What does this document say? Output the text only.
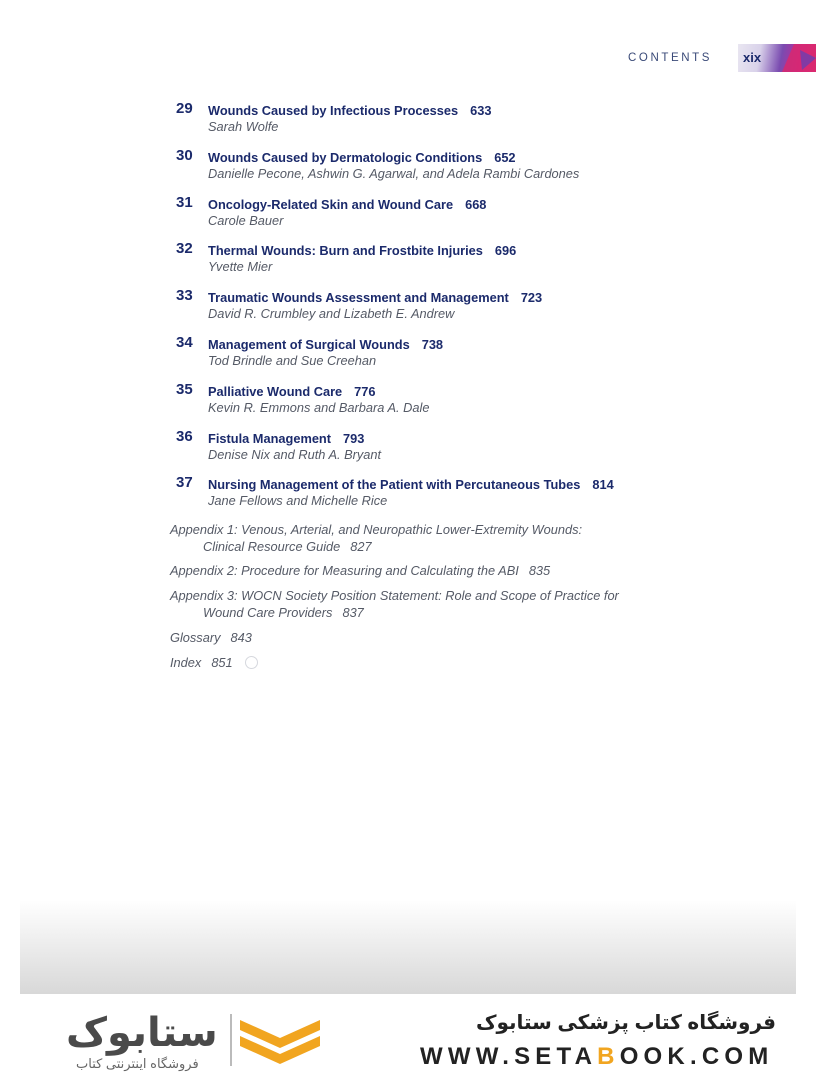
CONTENTS xix
29 Wounds Caused by Infectious Processes 633
Sarah Wolfe
30 Wounds Caused by Dermatologic Conditions 652
Danielle Pecone, Ashwin G. Agarwal, and Adela Rambi Cardones
31 Oncology-Related Skin and Wound Care 668
Carole Bauer
32 Thermal Wounds: Burn and Frostbite Injuries 696
Yvette Mier
33 Traumatic Wounds Assessment and Management 723
David R. Crumbley and Lizabeth E. Andrew
34 Management of Surgical Wounds 738
Tod Brindle and Sue Creehan
35 Palliative Wound Care 776
Kevin R. Emmons and Barbara A. Dale
36 Fistula Management 793
Denise Nix and Ruth A. Bryant
37 Nursing Management of the Patient with Percutaneous Tubes 814
Jane Fellows and Michelle Rice
Appendix 1: Venous, Arterial, and Neuropathic Lower-Extremity Wounds:
Clinical Resource Guide 827
Appendix 2: Procedure for Measuring and Calculating the ABI 835
Appendix 3: WOCN Society Position Statement: Role and Scope of Practice for
Wound Care Providers 837
Glossary 843
Index 851
ستابوک
فروشگاه اینترنتی کتاب
فروشگاه کتاب پزشکی ستابوک
WWW.SETABOOK.COM
